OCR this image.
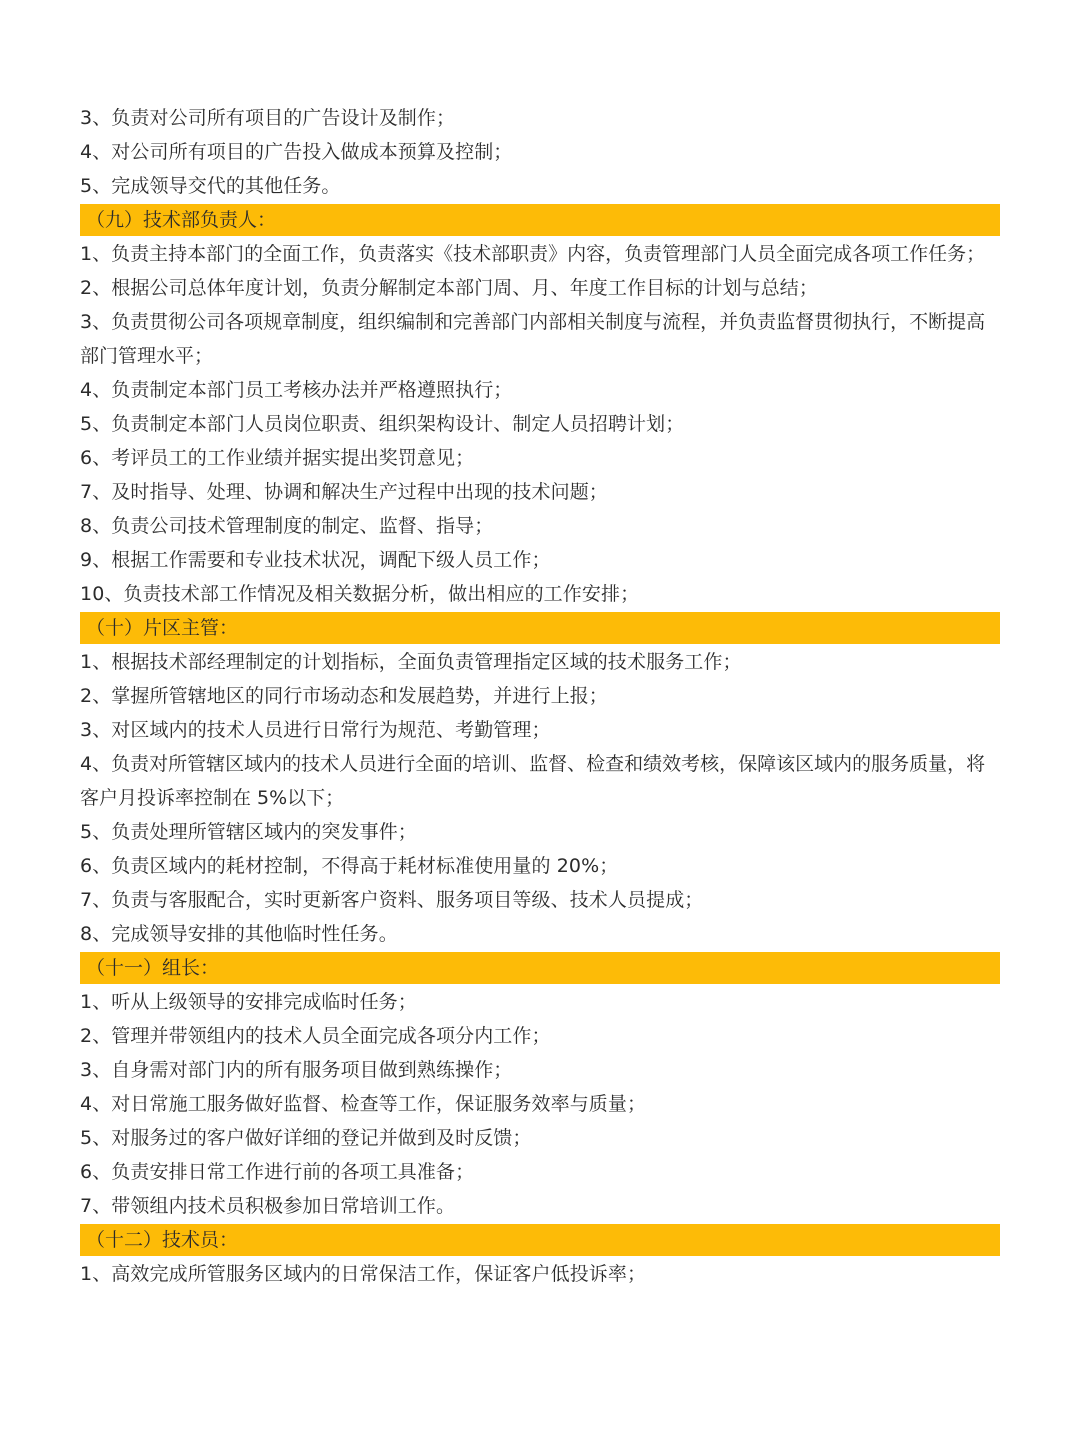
3、负责对公司所有项目的广告设计及制作；
4、对公司所有项目的广告投入做成本预算及控制；
5、完成领导交代的其他任务。
（九）技术部负责人：
1、负责主持本部门的全面工作，负责落实《技术部职责》内容，负责管理部门人员全面完成各项工作任务；
2、根据公司总体年度计划，负责分解制定本部门周、月、年度工作目标的计划与总结；
3、负责贯彻公司各项规章制度，组织编制和完善部门内部相关制度与流程，并负责监督贯彻执行，不断提高部门管理水平；
4、负责制定本部门员工考核办法并严格遵照执行；
5、负责制定本部门人员岗位职责、组织架构设计、制定人员招聘计划；
6、考评员工的工作业绩并据实提出奖罚意见；
7、及时指导、处理、协调和解决生产过程中出现的技术问题；
8、负责公司技术管理制度的制定、监督、指导；
9、根据工作需要和专业技术状况，调配下级人员工作；
10、负责技术部工作情况及相关数据分析，做出相应的工作安排；
（十）片区主管：
1、根据技术部经理制定的计划指标，全面负责管理指定区域的技术服务工作；
2、掌握所管辖地区的同行市场动态和发展趋势，并进行上报；
3、对区域内的技术人员进行日常行为规范、考勤管理；
4、负责对所管辖区域内的技术人员进行全面的培训、监督、检查和绩效考核，保障该区域内的服务质量，将客户月投诉率控制在 5%以下；
5、负责处理所管辖区域内的突发事件；
6、负责区域内的耗材控制，不得高于耗材标准使用量的 20%；
7、负责与客服配合，实时更新客户资料、服务项目等级、技术人员提成；
8、完成领导安排的其他临时性任务。
（十一）组长：
1、听从上级领导的安排完成临时任务；
2、管理并带领组内的技术人员全面完成各项分内工作；
3、自身需对部门内的所有服务项目做到熟练操作；
4、对日常施工服务做好监督、检查等工作，保证服务效率与质量；
5、对服务过的客户做好详细的登记并做到及时反馈；
6、负责安排日常工作进行前的各项工具准备；
7、带领组内技术员积极参加日常培训工作。
（十二）技术员：
1、高效完成所管服务区域内的日常保洁工作，保证客户低投诉率；
